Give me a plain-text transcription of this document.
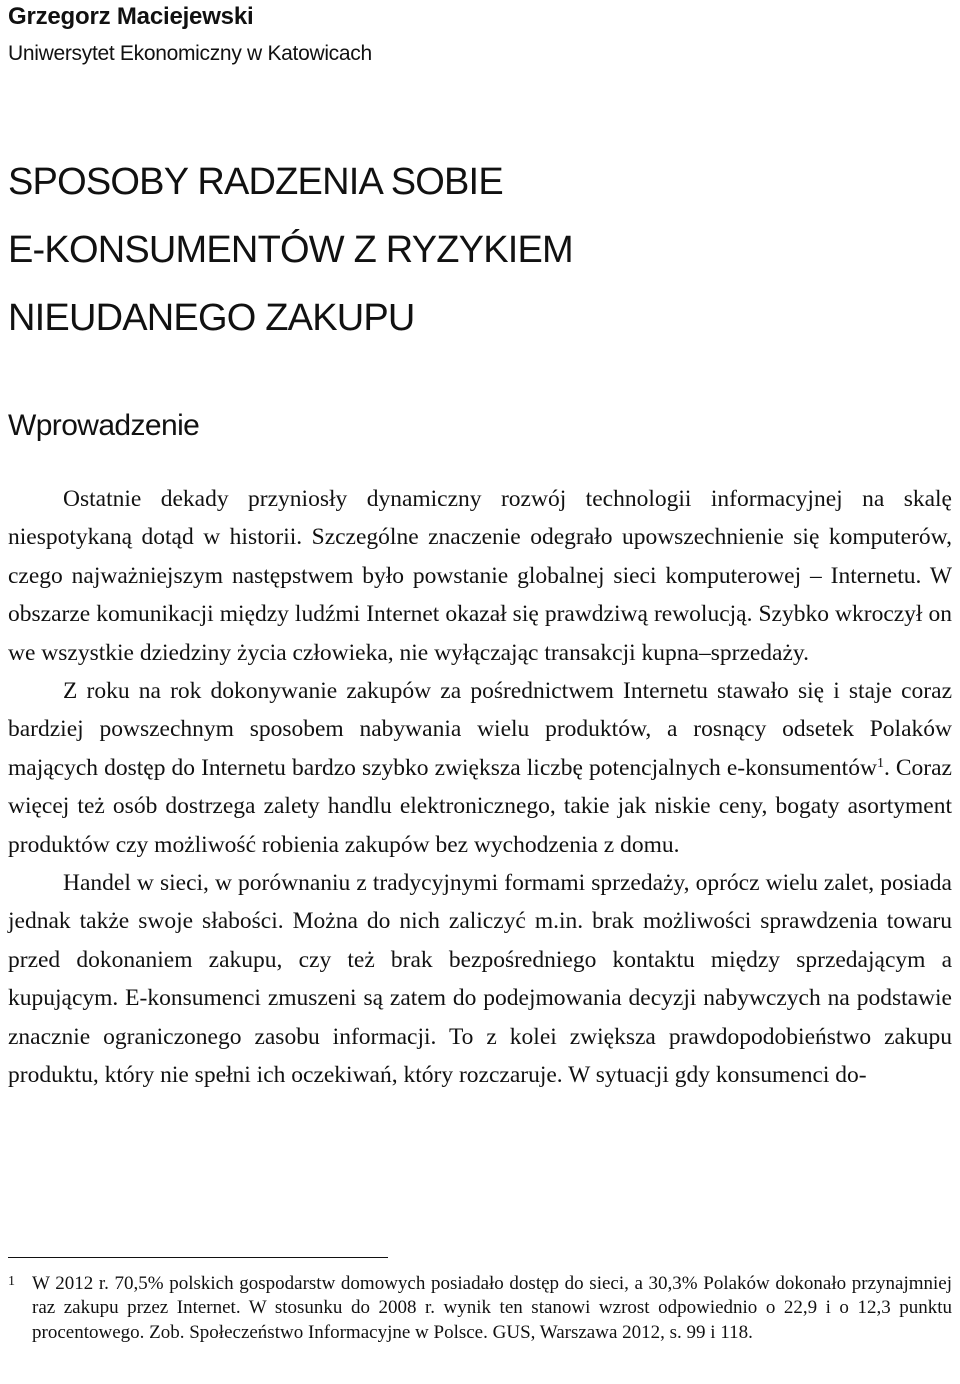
Grzegorz Maciejewski
Uniwersytet Ekonomiczny w Katowicach
SPOSOBY RADZENIA SOBIE
E-KONSUMENTÓW Z RYZYKIEM
NIEUDANEGO ZAKUPU
Wprowadzenie

Ostatnie dekady przyniosły dynamiczny rozwój technologii informacyjnej na skalę niespotykaną dotąd w historii. Szczególne znaczenie odegrało upowszechnienie się komputerów, czego najważniejszym następstwem było powstanie globalnej sieci komputerowej – Internetu. W obszarze komunikacji między ludźmi Internet okazał się prawdziwą rewolucją. Szybko wkroczył on we wszystkie dziedziny życia człowieka, nie wyłączając transakcji kupna–sprzedaży.

Z roku na rok dokonywanie zakupów za pośrednictwem Internetu stawało się i staje coraz bardziej powszechnym sposobem nabywania wielu produktów, a rosnący odsetek Polaków mających dostęp do Internetu bardzo szybko zwiększa liczbę potencjalnych e-konsumentów$^1$. Coraz więcej też osób dostrzega zalety handlu elektronicznego, takie jak niskie ceny, bogaty asortyment produktów czy możliwość robienia zakupów bez wychodzenia z domu.

Handel w sieci, w porównaniu z tradycyjnymi formami sprzedaży, oprócz wielu zalet, posiada jednak także swoje słabości. Można do nich zaliczyć m.in. brak możliwości sprawdzenia towaru przed dokonaniem zakupu, czy też brak bezpośredniego kontaktu między sprzedającym a kupującym. E-konsumenci zmuszeni są zatem do podejmowania decyzji nabywczych na podstawie znacznie ograniczonego zasobu informacji. To z kolei zwiększa prawdopodobieństwo zakupu produktu, który nie spełni ich oczekiwań, który rozczaruje. W sytuacji gdy konsumenci do-

1 W 2012 r. 70,5% polskich gospodarstw domowych posiadało dostęp do sieci, a 30,3% Polaków dokonało przynajmniej raz zakupu przez Internet. W stosunku do 2008 r. wynik ten stanowi wzrost odpowiednio o 22,9 i o 12,3 punktu procentowego. Zob. Społeczeństwo Informacyjne w Polsce. GUS, Warszawa 2012, s. 99 i 118.
